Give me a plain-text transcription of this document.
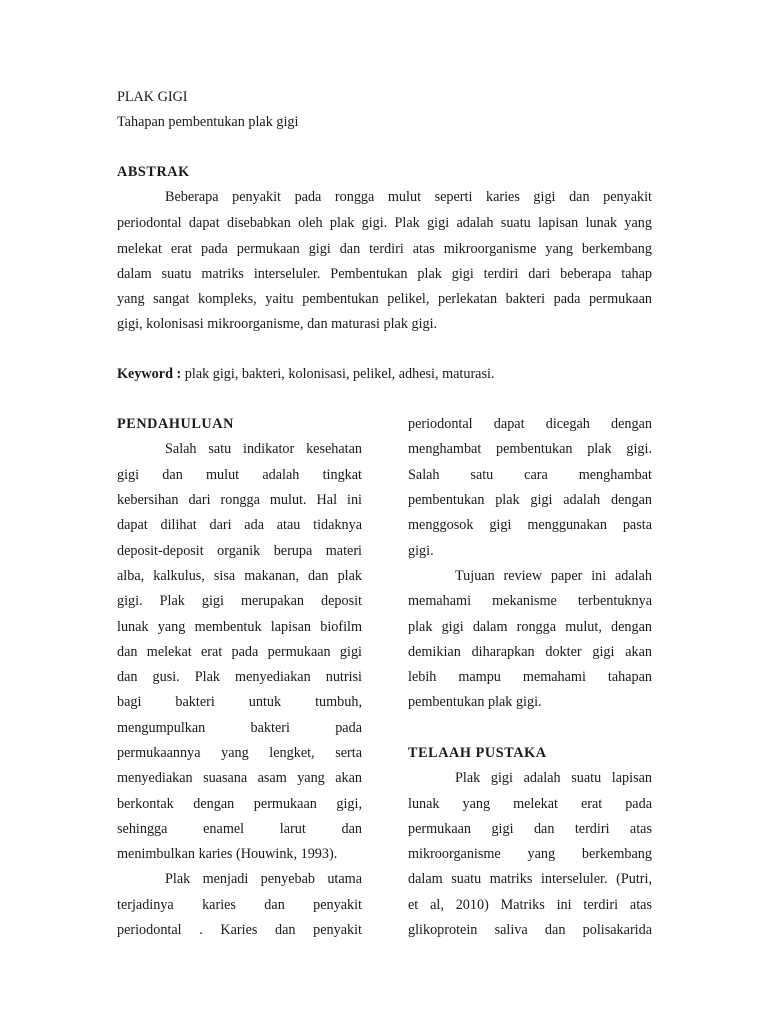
PLAK GIGI
Tahapan pembentukan plak gigi
ABSTRAK
Beberapa penyakit pada rongga mulut seperti karies gigi dan penyakit
periodontal dapat disebabkan oleh plak gigi. Plak gigi adalah suatu lapisan lunak yang
melekat erat pada permukaan gigi dan terdiri atas mikroorganisme yang berkembang
dalam suatu matriks interseluler. Pembentukan plak gigi terdiri dari beberapa tahap
yang sangat kompleks, yaitu pembentukan pelikel, perlekatan bakteri pada permukaan
gigi, kolonisasi mikroorganisme, dan maturasi plak gigi.
Keyword : plak gigi, bakteri, kolonisasi, pelikel, adhesi, maturasi.
PENDAHULUAN
Salah satu indikator kesehatan
gigi dan mulut adalah tingkat
kebersihan dari rongga mulut. Hal ini
dapat dilihat dari ada atau tidaknya
deposit-deposit organik berupa materi
alba, kalkulus, sisa makanan, dan plak
gigi. Plak gigi merupakan deposit
lunak yang membentuk lapisan biofilm
dan melekat erat pada permukaan gigi
dan gusi. Plak menyediakan nutrisi
bagi bakteri untuk tumbuh,
mengumpulkan bakteri pada
permukaannya yang lengket, serta
menyediakan suasana asam yang akan
berkontak dengan permukaan gigi,
sehingga enamel larut dan
menimbulkan karies (Houwink, 1993).
Plak menjadi penyebab utama
terjadinya karies dan penyakit
periodontal . Karies dan penyakit
periodontal dapat dicegah dengan
menghambat pembentukan plak gigi.
Salah satu cara menghambat
pembentukan plak gigi adalah dengan
menggosok gigi menggunakan pasta
gigi.
Tujuan review paper ini adalah
memahami mekanisme terbentuknya
plak gigi dalam rongga mulut, dengan
demikian diharapkan dokter gigi akan
lebih mampu memahami tahapan
pembentukan plak gigi.
TELAAH PUSTAKA
Plak gigi adalah suatu lapisan
lunak yang melekat erat pada
permukaan gigi dan terdiri atas
mikroorganisme yang berkembang
dalam suatu matriks interseluler. (Putri,
et al, 2010) Matriks ini terdiri atas
glikoprotein saliva dan polisakarida
